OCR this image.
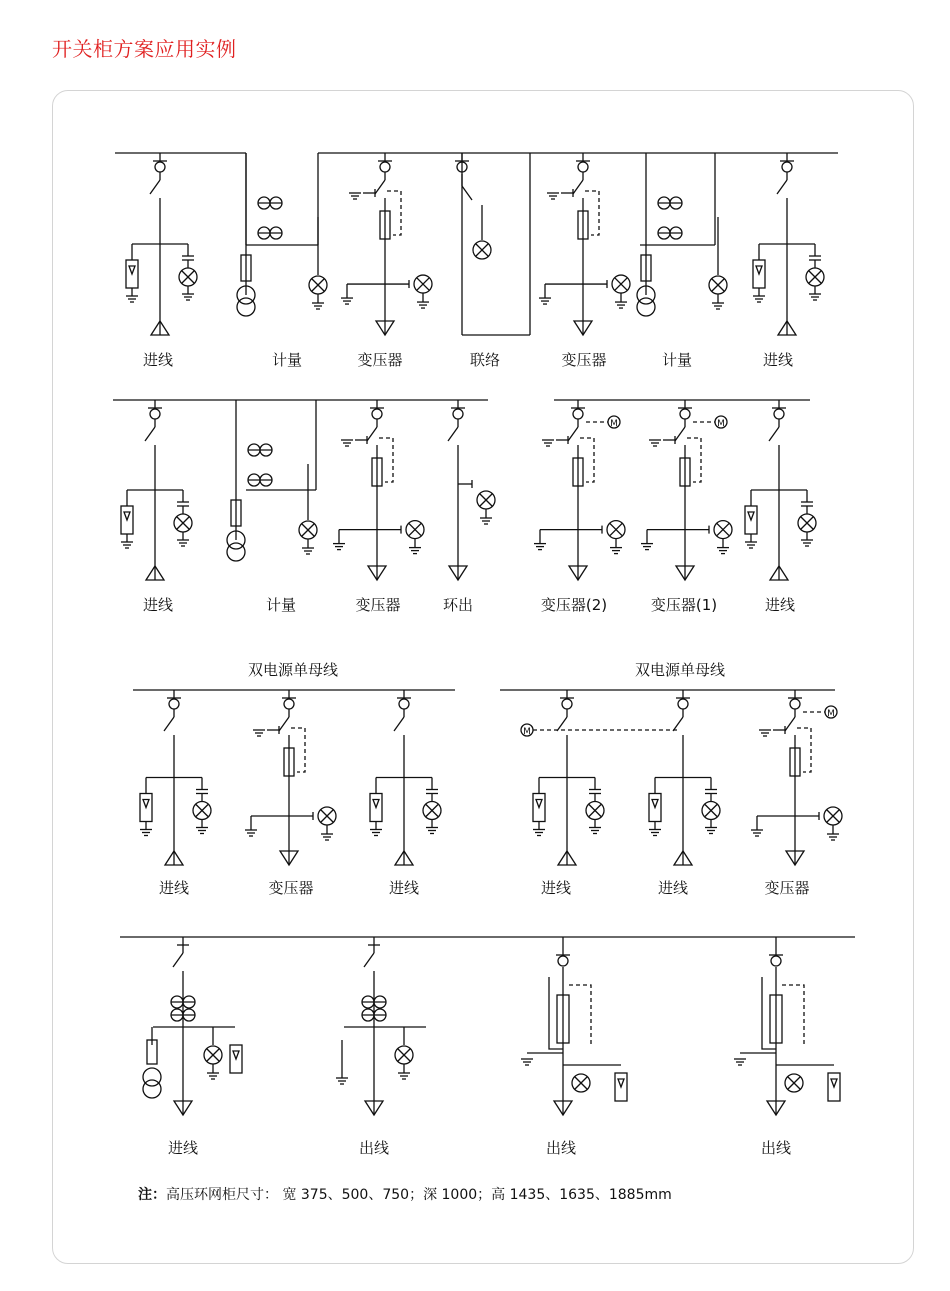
开关柜方案应用实例
M	M
M
M
进线	计量	变压器	联络	变压器	计量	进线
进线	计量	变压器	环出	变压器(2)	变压器(1)	进线
进线	变压器	进线	进线	进线	变压器
双电源单母线	双电源单母线
进线	出线	出线	出线
注：高压环网柜尺寸： 宽 375、500、750；深 1000；高 1435、1635、1885mm
